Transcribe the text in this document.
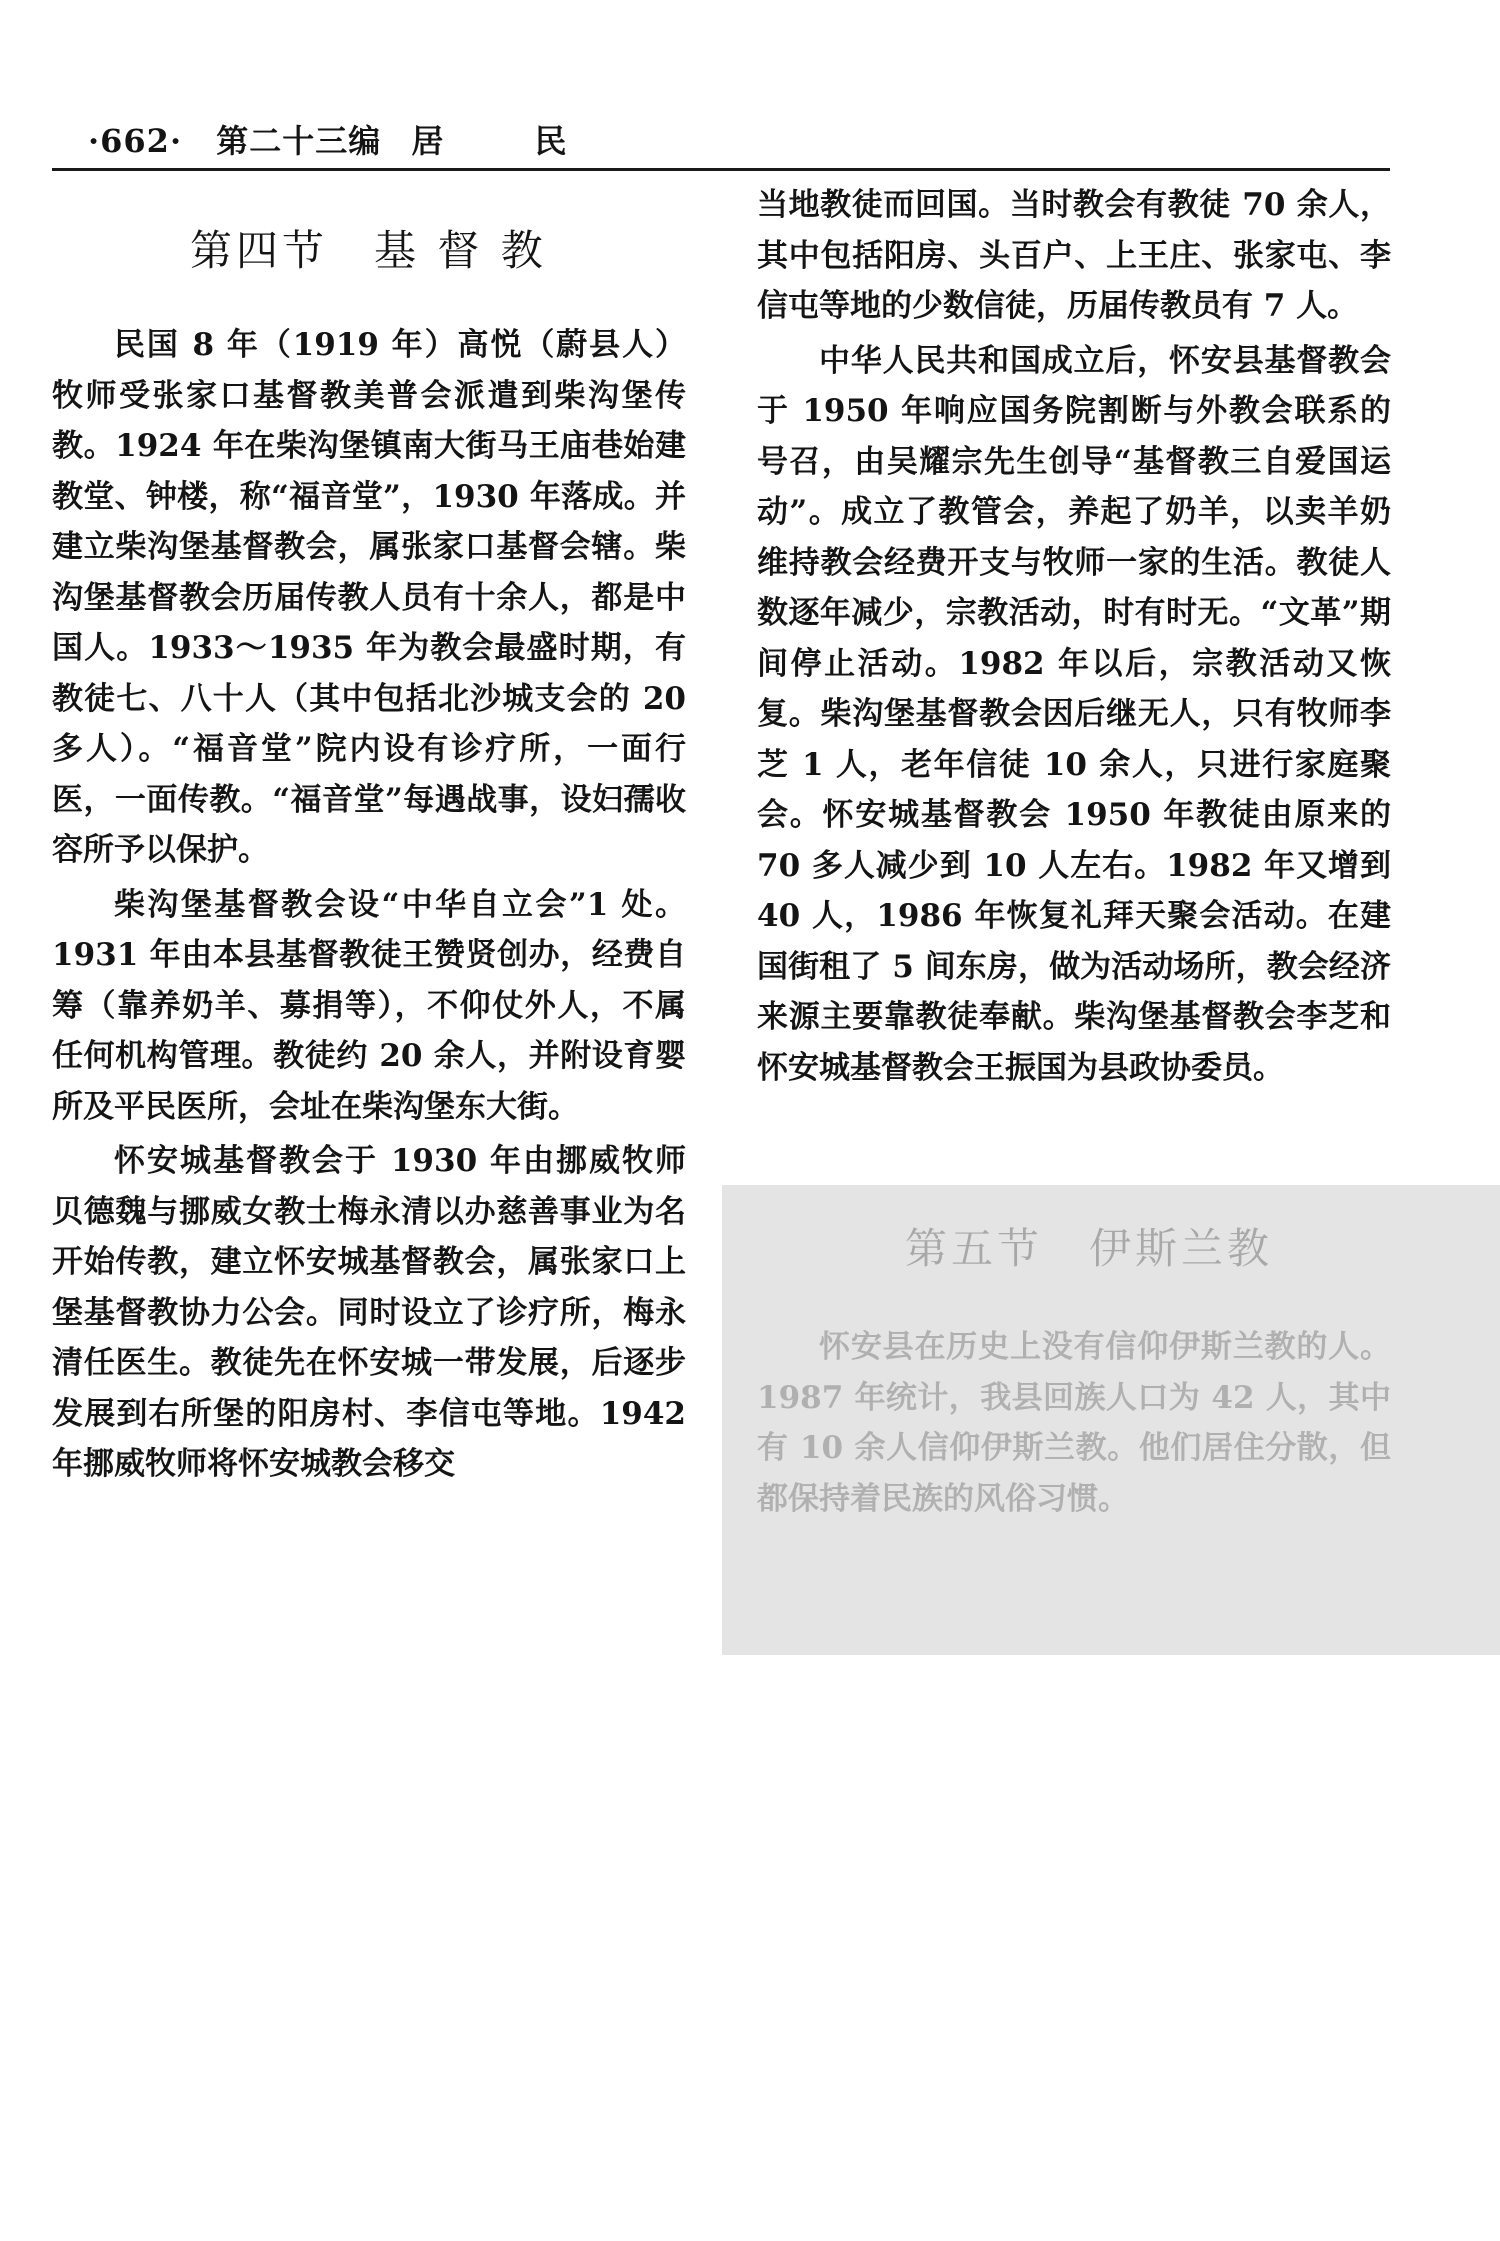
·662· 第二十三编 居 民
第四节　基 督 教

民国 8 年（1919 年）高悦（蔚县人）牧师受张家口基督教美普会派遣到柴沟堡传教。1924 年在柴沟堡镇南大街马王庙巷始建教堂、钟楼，称“福音堂”，1930 年落成。并建立柴沟堡基督教会，属张家口基督会辖。柴沟堡基督教会历届传教人员有十余人，都是中国人。1933～1935 年为教会最盛时期，有教徒七、八十人（其中包括北沙城支会的 20 多人）。“福音堂”院内设有诊疗所，一面行医，一面传教。“福音堂”每遇战事，设妇孺收容所予以保护。

柴沟堡基督教会设“中华自立会”1 处。1931 年由本县基督教徒王赞贤创办，经费自筹（靠养奶羊、募捐等），不仰仗外人，不属任何机构管理。教徒约 20 余人，并附设育婴所及平民医所，会址在柴沟堡东大街。

怀安城基督教会于 1930 年由挪威牧师贝德魏与挪威女教士梅永清以办慈善事业为名开始传教，建立怀安城基督教会，属张家口上堡基督教协力公会。同时设立了诊疗所，梅永清任医生。教徒先在怀安城一带发展，后逐步发展到右所堡的阳房村、李信屯等地。1942 年挪威牧师将怀安城教会移交

当地教徒而回国。当时教会有教徒 70 余人，其中包括阳房、头百户、上王庄、张家屯、李信屯等地的少数信徒，历届传教员有 7 人。

中华人民共和国成立后，怀安县基督教会于 1950 年响应国务院割断与外教会联系的号召，由吴耀宗先生创导“基督教三自爱国运动”。成立了教管会，养起了奶羊，以卖羊奶维持教会经费开支与牧师一家的生活。教徒人数逐年减少，宗教活动，时有时无。“文革”期间停止活动。1982 年以后，宗教活动又恢复。柴沟堡基督教会因后继无人，只有牧师李芝 1 人，老年信徒 10 余人，只进行家庭聚会。怀安城基督教会 1950 年教徒由原来的 70 多人减少到 10 人左右。1982 年又增到 40 人，1986 年恢复礼拜天聚会活动。在建国街租了 5 间东房，做为活动场所，教会经济来源主要靠教徒奉献。柴沟堡基督教会李芝和怀安城基督教会王振国为县政协委员。

第五节　伊斯兰教

怀安县在历史上没有信仰伊斯兰教的人。1987 年统计，我县回族人口为 42 人，其中有 10 余人信仰伊斯兰教。他们居住分散，但都保持着民族的风俗习惯。
